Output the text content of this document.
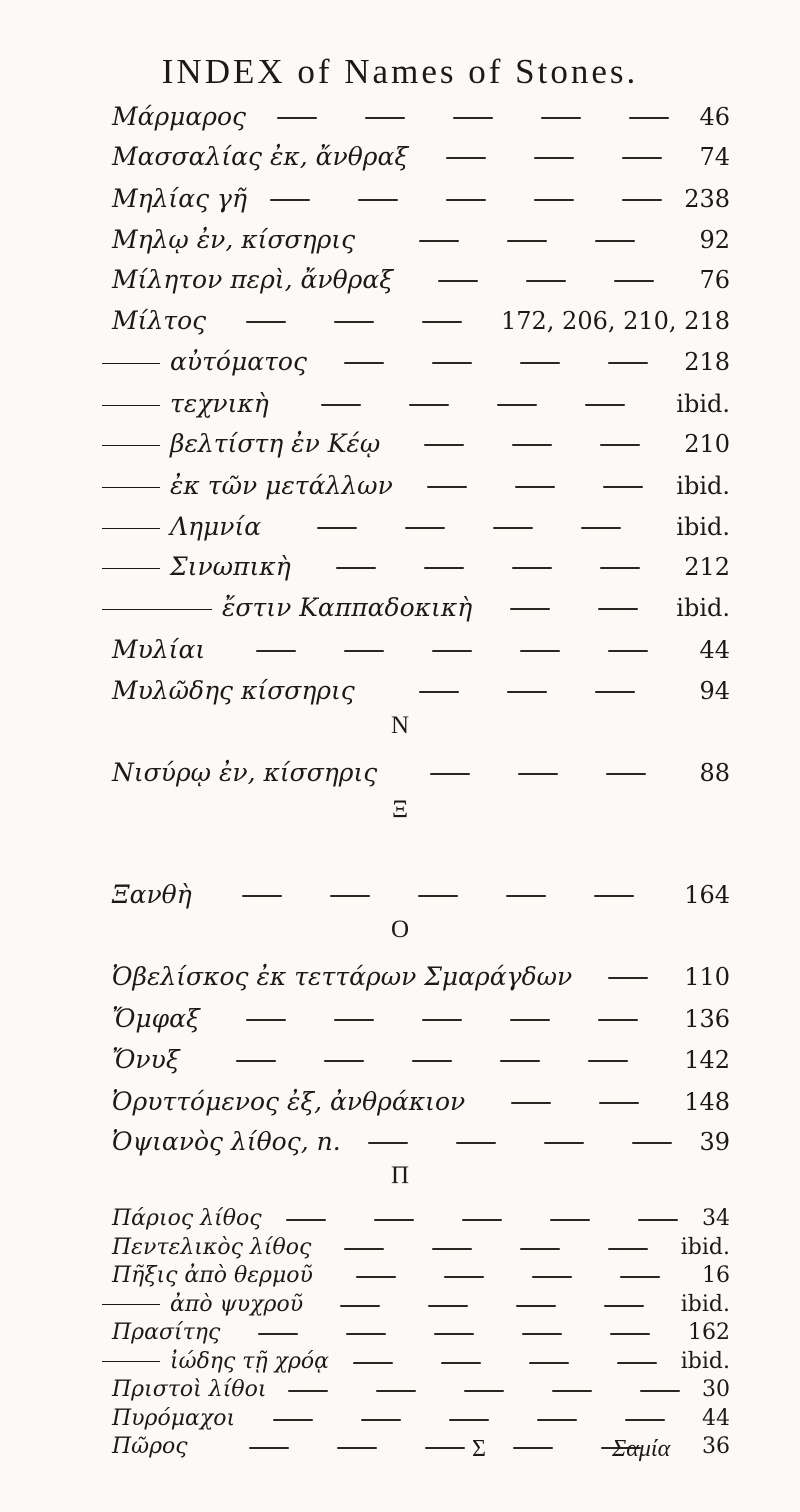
INDEX of Names of Stones.
Μάρμαρος	46
Μασσαλίας ἐκ, ἄνθραξ	74
Μηλίας γῆ	238
Μηλῳ ἐν, κίσσηρις	92
Μίλητον περὶ, ἄνθραξ	76
Μίλτος	172, 206, 210, 218
αὐτόματος	218
τεχνικὴ	ibid.
βελτίστη ἐν Κέῳ	210
ἐκ τῶν μετάλλων	ibid.
Λημνία	ibid.
Σινωπικὴ	212
ἔστιν Καππαδοκικὴ	ibid.
Μυλίαι	44
Μυλῶδης κίσσηρις	94
N
Νισύρῳ ἐν, κίσσηρις	88
Ξ
Ξανθὴ	164
O
Ὀβελίσκος ἐκ τεττάρων Σμαράγδων	110
Ὄμφαξ	136
Ὄνυξ	142
Ὀρυττόμενος ἐξ, ἀνθράκιον	148
Ὀψιανὸς λίθος, n.	39
Π
Πάριος λίθος	34
Πεντελικὸς λίθος	ibid.
Πῆξις ἀπὸ θερμοῦ	16
ἀπὸ ψυχροῦ	ibid.
Πρασίτης	162
ἰώδης τῇ χρόᾳ	ibid.
Πριστοὶ λίθοι	30
Πυρόμαχοι	44
Πῶρος	36
Σ	Σαμία
